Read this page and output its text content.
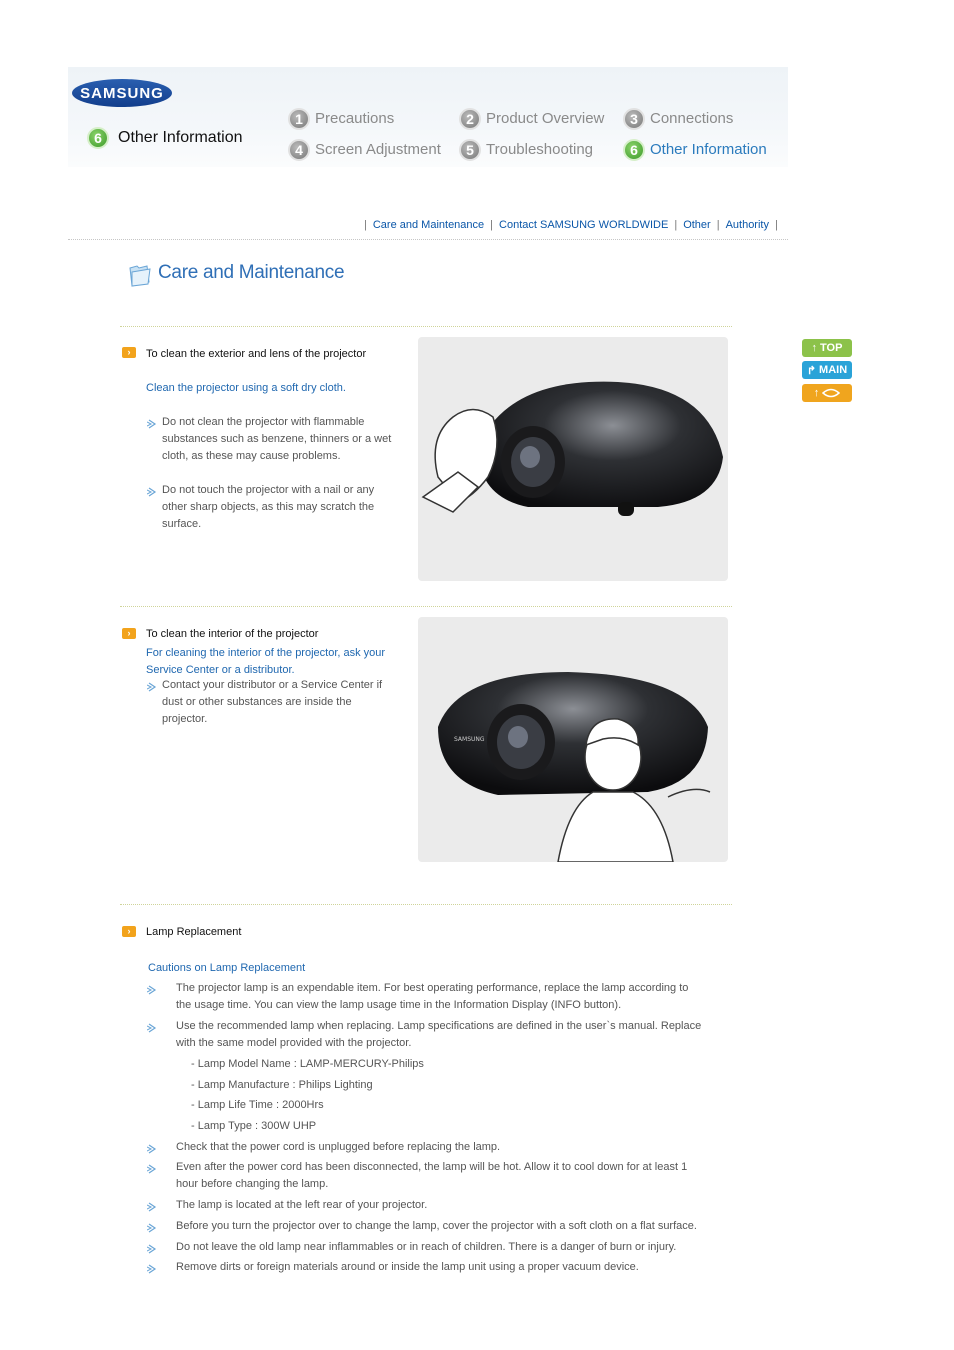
SAMSUNG
6	Other Information
1 Precautions	2 Product Overview	3 Connections
4 Screen Adjustment	5 Troubleshooting	6 Other Information
| Care and Maintenance | Contact SAMSUNG WORLDWIDE | Other | Authority |
Care and Maintenance
↑ TOP
↱ MAIN
↑
›	To clean the exterior and lens of the projector
Clean the projector using a soft dry cloth.
Do not clean the projector with flammable
substances such as benzene, thinners or a wet
cloth, as these may cause problems.
Do not touch the projector with a nail or any
other sharp objects, as this may scratch the
surface.
›	To clean the interior of the projector
For cleaning the interior of the projector, ask your
Service Center or a distributor.
Contact your distributor or a Service Center if
dust or other substances are inside the
projector.
SAMSUNG
›	Lamp Replacement
Cautions on Lamp Replacement
The projector lamp is an expendable item. For best operating performance, replace the lamp according to
the usage time. You can view the lamp usage time in the Information Display (INFO button).
Use the recommended lamp when replacing. Lamp specifications are defined in the user`s manual. Replace
with the same model provided with the projector.
- Lamp Model Name : LAMP-MERCURY-Philips
- Lamp Manufacture : Philips Lighting
- Lamp Life Time : 2000Hrs
- Lamp Type : 300W UHP
Check that the power cord is unplugged before replacing the lamp.
Even after the power cord has been disconnected, the lamp will be hot. Allow it to cool down for at least 1
hour before changing the lamp.
The lamp is located at the left rear of your projector.
Before you turn the projector over to change the lamp, cover the projector with a soft cloth on a flat surface.
Do not leave the old lamp near inflammables or in reach of children. There is a danger of burn or injury.
Remove dirts or foreign materials around or inside the lamp unit using a proper vacuum device.
